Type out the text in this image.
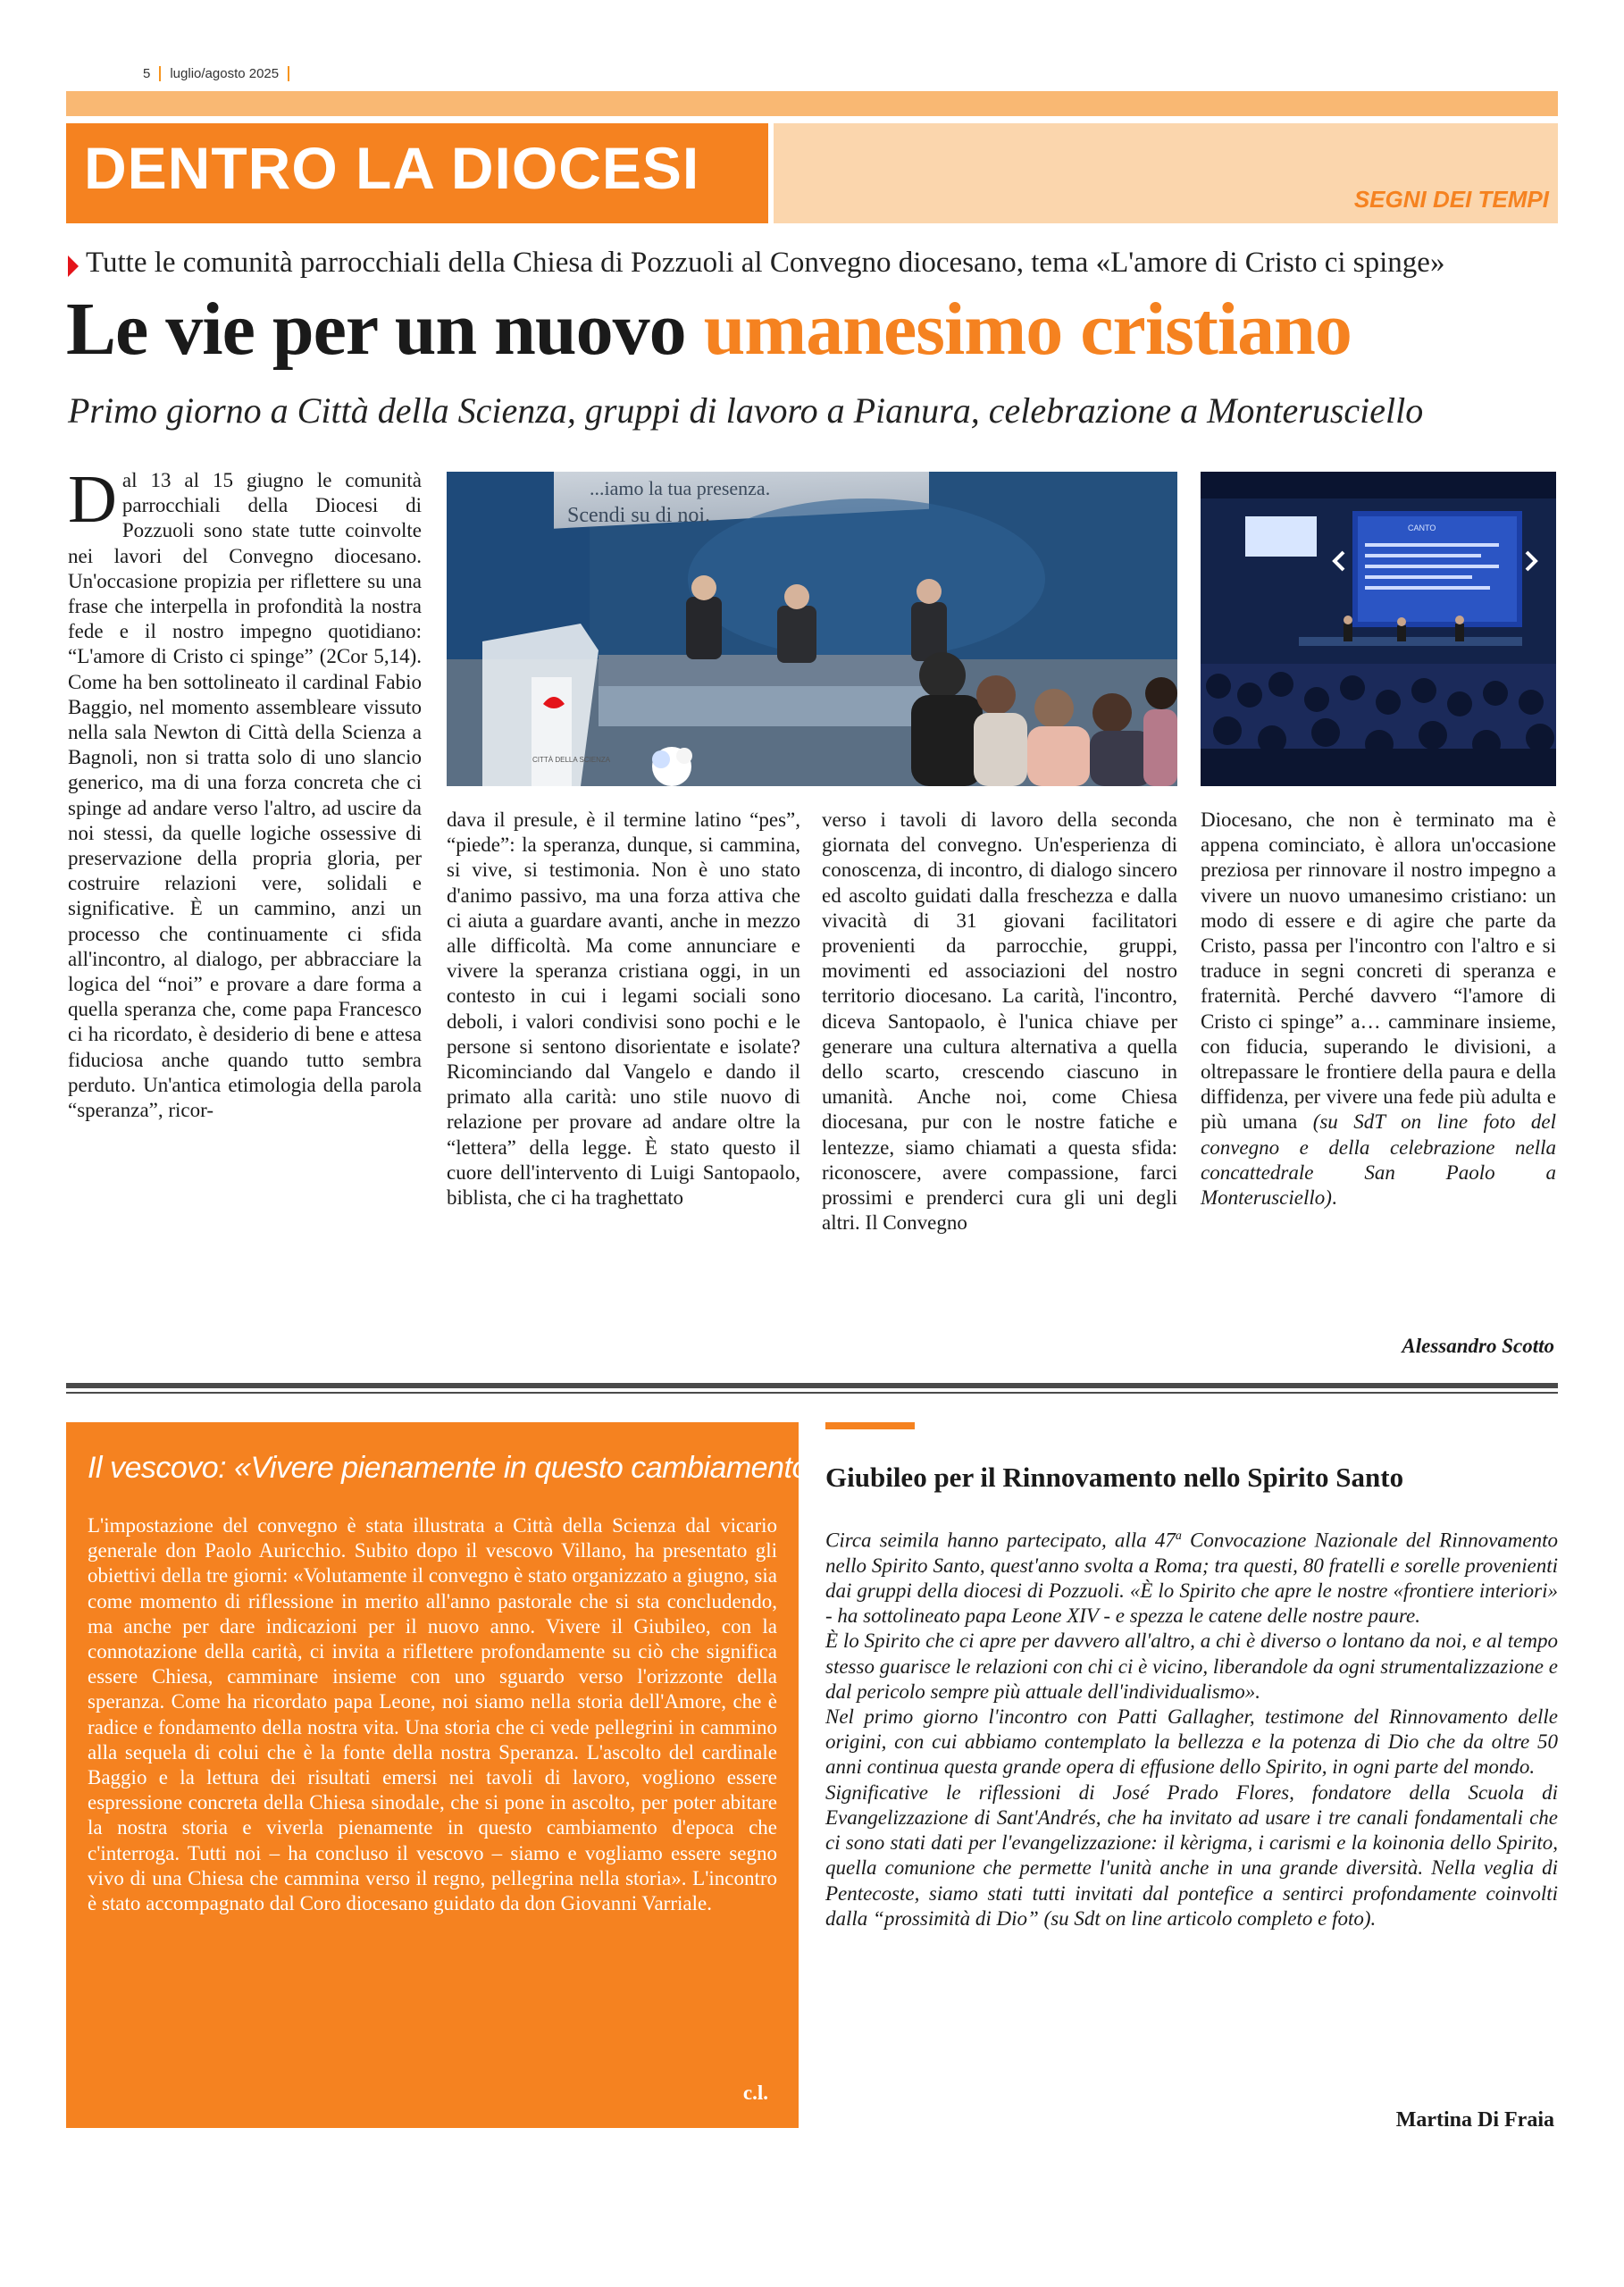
5 luglio/agosto 2025
DENTRO LA DIOCESI	SEGNI DEI TEMPI
Tutte le comunità parrocchiali della Chiesa di Pozzuoli al Convegno diocesano, tema «L'amore di Cristo ci spinge»
Le vie per un nuovo umanesimo cristiano
Primo giorno a Città della Scienza, gruppi di lavoro a Pianura, celebrazione a Monterusciello
Dal 13 al 15 giugno le comunità parrocchiali della Diocesi di Pozzuoli sono state tutte coinvolte nei lavori del Convegno diocesano. Un'occasione propizia per riflettere su una frase che interpella in profondità la nostra fede e il nostro impegno quotidiano: “L'amore di Cristo ci spinge” (2Cor 5,14). Come ha ben sottolineato il cardinal Fabio Baggio, nel momento assembleare vissuto nella sala Newton di Città della Scienza a Bagnoli, non si tratta solo di uno slancio generico, ma di una forza concreta che ci spinge ad andare verso l'altro, ad uscire da noi stessi, da quelle logiche ossessive di preservazione della propria gloria, per costruire relazioni vere, solidali e significative. È un cammino, anzi un processo che continuamente ci sfida all'incontro, al dialogo, per abbracciare la logica del “noi” e provare a dare forma a quella speranza che, come papa Francesco ci ha ricordato, è desiderio di bene e attesa fiduciosa anche quando tutto sembra perduto. Un'antica etimologia della parola “speranza”, ricor-
...iamo la tua presenza.
Scendi su di noi.
CITTÀ DELLA SCIENZA
CANTO
dava il presule, è il termine latino “pes”, “piede”: la speranza, dunque, si cammina, si vive, si testimonia. Non è uno stato d'animo passivo, ma una forza attiva che ci aiuta a guardare avanti, anche in mezzo alle difficoltà. Ma come annunciare e vivere la speranza cristiana oggi, in un contesto in cui i legami sociali sono deboli, i valori condivisi sono pochi e le persone si sentono disorientate e isolate? Ricominciando dal Vangelo e dando il primato alla carità: uno stile nuovo di relazione per provare ad andare oltre la “lettera” della legge. È stato questo il cuore dell'intervento di Luigi Santopaolo, biblista, che ci ha traghettato
verso i tavoli di lavoro della seconda giornata del convegno. Un'esperienza di conoscenza, di incontro, di dialogo sincero ed ascolto guidati dalla freschezza e dalla vivacità di 31 giovani facilitatori provenienti da parrocchie, gruppi, movimenti ed associazioni del nostro territorio diocesano. La carità, l'incontro, diceva Santopaolo, è l'unica chiave per generare una cultura alternativa a quella dello scarto, crescendo ciascuno in umanità. Anche noi, come Chiesa diocesana, pur con le nostre fatiche e lentezze, siamo chiamati a questa sfida: riconoscere, avere compassione, farci prossimi e prenderci cura gli uni degli altri. Il Convegno
Diocesano, che non è terminato ma è appena cominciato, è allora un'occasione preziosa per rinnovare il nostro impegno a vivere un nuovo umanesimo cristiano: un modo di essere e di agire che parte da Cristo, passa per l'incontro con l'altro e si traduce in segni concreti di speranza e fraternità. Perché davvero “l'amore di Cristo ci spinge” a… camminare insieme, con fiducia, superando le divisioni, a oltrepassare le frontiere della paura e della diffidenza, per vivere una fede più adulta e più umana (su SdT on line foto del convegno e della celebrazione nella concattedrale San Paolo a Monterusciello).
Alessandro Scotto
Il vescovo: «Vivere pienamente in questo cambiamento d'epoca»
L'impostazione del convegno è stata illustrata a Città della Scienza dal vicario generale don Paolo Auricchio. Subito dopo il vescovo Villano, ha presentato gli obiettivi della tre giorni: «Volutamente il convegno è stato organizzato a giugno, sia come momento di riflessione in merito all'anno pastorale che si sta concludendo, ma anche per dare indicazioni per il nuovo anno. Vivere il Giubileo, con la connotazione della carità, ci invita a riflettere profondamente su ciò che significa essere Chiesa, camminare insieme con uno sguardo verso l'orizzonte della speranza. Come ha ricordato papa Leone, noi siamo nella storia dell'Amore, che è radice e fondamento della nostra vita. Una storia che ci vede pellegrini in cammino alla sequela di colui che è la fonte della nostra Speranza. L'ascolto del cardinale Baggio e la lettura dei risultati emersi nei tavoli di lavoro, vogliono essere espressione concreta della Chiesa sinodale, che si pone in ascolto, per poter abitare la nostra storia e viverla pienamente in questo cambiamento d'epoca che c'interroga. Tutti noi – ha concluso il vescovo – siamo e vogliamo essere segno vivo di una Chiesa che cammina verso il regno, pellegrina nella storia». L'incontro è stato accompagnato dal Coro diocesano guidato da don Giovanni Varriale.
c.l.
Giubileo per il Rinnovamento nello Spirito Santo

Circa seimila hanno partecipato, alla 47$^a$ Convocazione Nazionale del Rinnovamento nello Spirito Santo, quest'anno svolta a Roma; tra questi, 80 fratelli e sorelle provenienti dai gruppi della diocesi di Pozzuoli. «È lo Spirito che apre le nostre «frontiere interiori» - ha sottolineato papa Leone XIV - e spezza le catene delle nostre paure.

È lo Spirito che ci apre per davvero all'altro, a chi è diverso o lontano da noi, e al tempo stesso guarisce le relazioni con chi ci è vicino, liberandole da ogni strumentalizzazione e dal pericolo sempre più attuale dell'individualismo».

Nel primo giorno l'incontro con Patti Gallagher, testimone del Rinnovamento delle origini, con cui abbiamo contemplato la bellezza e la potenza di Dio che da oltre 50 anni continua questa grande opera di effusione dello Spirito, in ogni parte del mondo.

Significative le riflessioni di José Prado Flores, fondatore della Scuola di Evangelizzazione di Sant'Andrés, che ha invitato ad usare i tre canali fondamentali che ci sono stati dati per l'evangelizzazione: il kèrigma, i carismi e la koinonia dello Spirito, quella comunione che permette l'unità anche in una grande diversità. Nella veglia di Pentecoste, siamo stati tutti invitati dal pontefice a sentirci profondamente coinvolti dalla “prossimità di Dio” (su Sdt on line articolo completo e foto).

Martina Di Fraia
